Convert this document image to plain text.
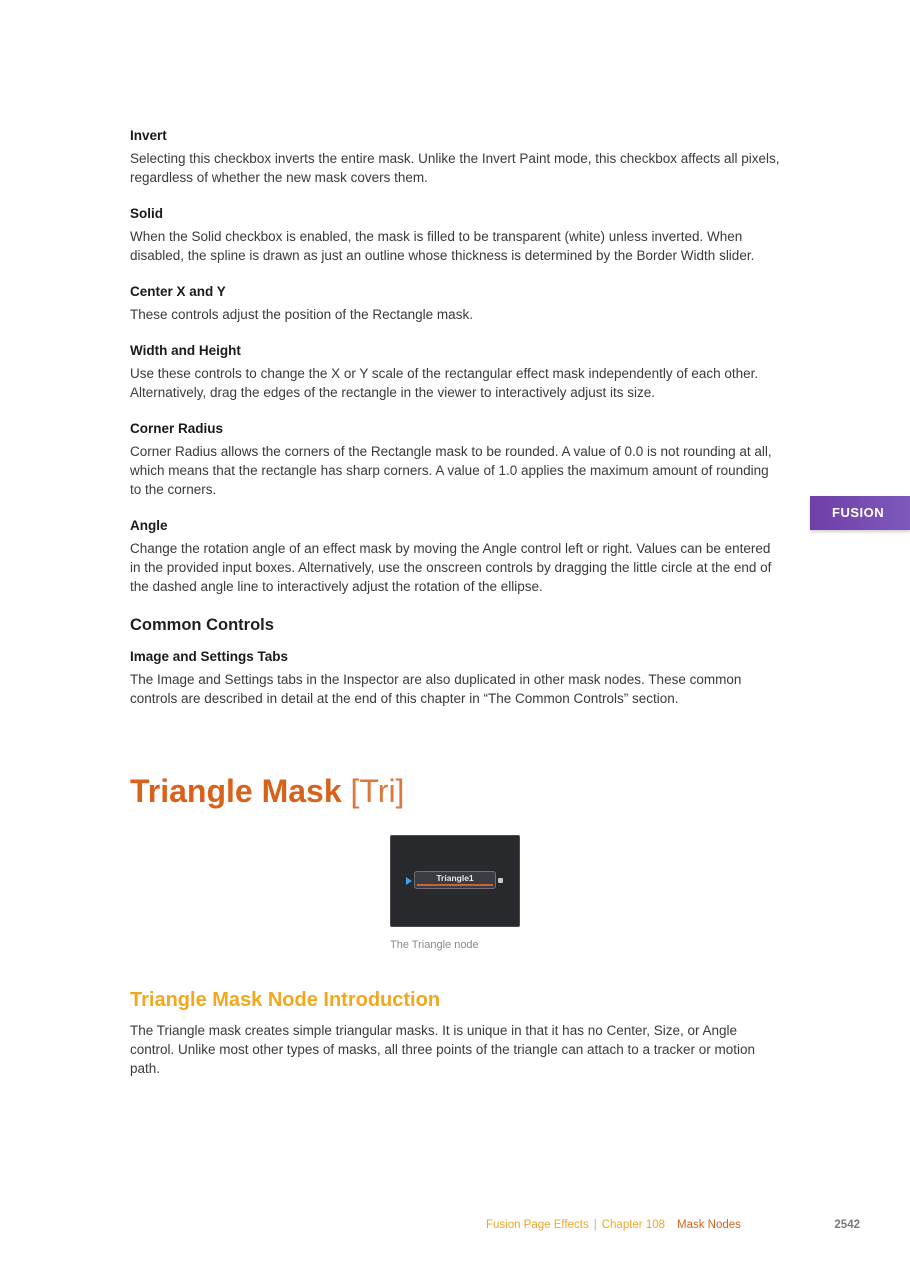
Invert

Selecting this checkbox inverts the entire mask. Unlike the Invert Paint mode, this checkbox affects all pixels, regardless of whether the new mask covers them.

Solid

When the Solid checkbox is enabled, the mask is filled to be transparent (white) unless inverted. When disabled, the spline is drawn as just an outline whose thickness is determined by the Border Width slider.

Center X and Y

These controls adjust the position of the Rectangle mask.

Width and Height

Use these controls to change the X or Y scale of the rectangular effect mask independently of each other. Alternatively, drag the edges of the rectangle in the viewer to interactively adjust its size.

Corner Radius

Corner Radius allows the corners of the Rectangle mask to be rounded. A value of 0.0 is not rounding at all, which means that the rectangle has sharp corners. A value of 1.0 applies the maximum amount of rounding to the corners.

Angle

Change the rotation angle of an effect mask by moving the Angle control left or right. Values can be entered in the provided input boxes. Alternatively, use the onscreen controls by dragging the little circle at the end of the dashed angle line to interactively adjust the rotation of the ellipse.

Common Controls
Image and Settings Tabs

The Image and Settings tabs in the Inspector are also duplicated in other mask nodes. These common controls are described in detail at the end of this chapter in “The Common Controls” section.

Triangle Mask [Tri]
Triangle1
The Triangle node
Triangle Mask Node Introduction

The Triangle mask creates simple triangular masks. It is unique in that it has no Center, Size, or Angle control. Unlike most other types of masks, all three points of the triangle can attach to a tracker or motion path.

FUSION
Fusion Page Effects | Chapter 108 Mask Nodes	2542
